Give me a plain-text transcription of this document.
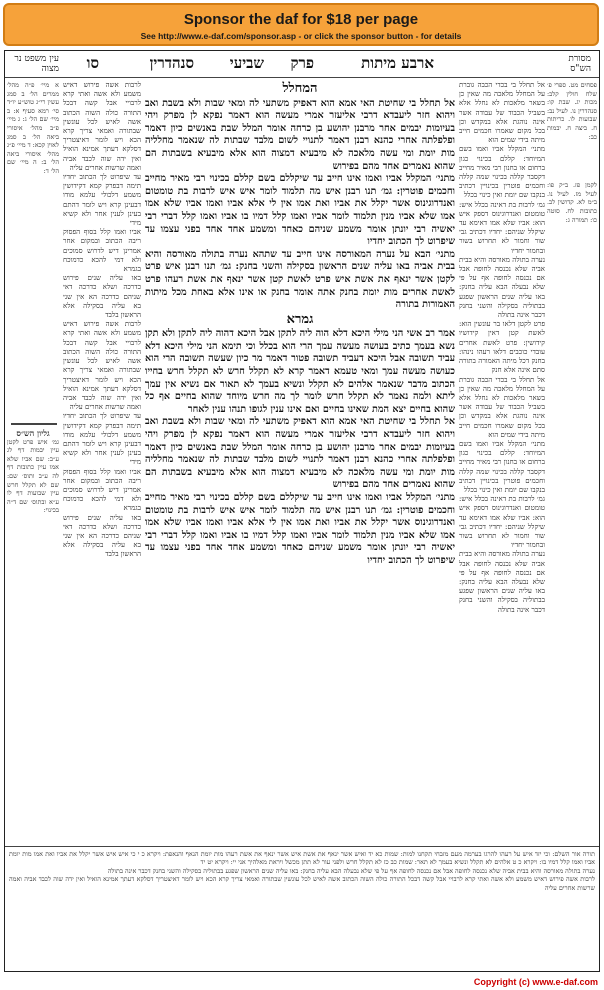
Sponsor the daf for $18 per page
See http://www.e-daf.com/sponsor.asp - or click the sponsor button - for details
מסורת הש"ס
ארבע מיתות
פרק
שביעי
סנהדרין
סו
עין משפט נר מצוה

פסחים מט. ספרי פ׳ שלח חולין קלב: מכות יג. שבת קו: סנהדרין נו. לעיל נב: שבועות לו. כריתות ח. ביצה ח. יבמות כב:

לקמן פז. ב״ק פו: לעיל מז. לעיל נו. ב״מ לא. קדושין לב. כתובות לח. סוטה כו: תמורה ג:

אל תחלל בי בכדי הכבה גוברת על המחלל מלאכה מה שאין כן בשאר מלאכות לא נחלל אלא בשביל הכבוד של עבודה אשר אינה נוהגת אלא במקדש וכן בכל מקום שאמרו חכמים חייב מיתה בידי שמים הוא

מתני׳ המקלל אביו ואמו בשם המיוחד: קללם בכינוי כגון ברחום או בחנון רבי מאיר מחייב דקסבר קללה בכינוי שמה קללה וחכמים פוטרין בכינויין דכתיב בנקבו שם יומת ואין כינוי בכלל

גמ׳ לרבות בת דאינה בכלל איש: טומטום ואנדרוגינוס דספק איש הוא: אביו שלא אמו דאימא עד שיקלל שניהם: יחדיו דכתיב גבי שור וחמור לא תחרוש בשור ובחמור יחדיו

נערה בתולה מאורסה והיא בבית אביה שלא נכנסה לחופה אבל אם נכנסה לחופה אף על פי שלא נבעלה הבא עליה בחנק: באו עליה שנים הראשון שפגע בבתוליה בסקילה והשני בחנק דכבר אינה בתולה

פרט לקטן דלאו בר עונשין הוא: לאשת קטן דאין קידושיו קידושין: פרט לאשת אחרים עובדי כוכבים דלאו רעהו נינהו: בחנק דכל מיתה האמורה בתורה סתם אינה אלא חנק

אל תחלל בי בכדי הכבה גוברת על המחלל מלאכה מה שאין כן בשאר מלאכות לא נחלל אלא בשביל הכבוד של עבודה אשר אינה נוהגת אלא במקדש וכן בכל מקום שאמרו חכמים חייב מיתה בידי שמים הוא

מתני׳ המקלל אביו ואמו בשם המיוחד: קללם בכינוי כגון ברחום או בחנון רבי מאיר מחייב דקסבר קללה בכינוי שמה קללה וחכמים פוטרין בכינויין דכתיב בנקבו שם יומת ואין כינוי בכלל

גמ׳ לרבות בת דאינה בכלל איש: טומטום ואנדרוגינוס דספק איש הוא: אביו שלא אמו דאימא עד שיקלל שניהם: יחדיו דכתיב גבי שור וחמור לא תחרוש בשור ובחמור יחדיו

נערה בתולה מאורסה והיא בבית אביה שלא נכנסה לחופה אבל אם נכנסה לחופה אף על פי שלא נבעלה הבא עליה בחנק: באו עליה שנים הראשון שפגע בבתוליה בסקילה והשני בחנק דכבר אינה בתולה

המחלל

אל תחלל בי שחיטת האי אמא הוא דאפיק משתעי לה ומאי שבות ולא בשבת ואב ויהוא חזר ליעבדא דרבי אליעזר אמרי מעשה הוא דאמר נפקא לן מפרק ויהי בעיומות יבמים אחר מרבנן יהושע בן כרחה אומר המלל שבת באנשים כיון דאמר ופלפלתה אחרי כהנא רבנן דאמר לתנויי לשום מלבד שבתות לה שנאמר מחלליה מות יומת ומי עשה מלאכה לא מיבעיא דמצוה הוא אלא מיבעיא בשבתות הם שהוא נאמרים אחד מהם בפירוש

מתני׳ המקלל אביו ואמו אינו חייב עד שיקללם בשם קללם בכינוי רבי מאיר מחייב וחכמים פוטרין: גמ׳ תנו רבנן איש מה תלמוד לומר איש איש לרבות בת טומטום ואנדרוגינוס אשר יקלל את אביו ואת אמו אין לי אלא אביו ואמו אביו שלא אמו אמו שלא אביו מנין תלמוד לומר אביו ואמו קלל דמיו בו אביו ואמו קלל דברי רבי יאשיה רבי יונתן אומר משמע שניהם כאחד ומשמע אחד אחד בפני עצמו עד שיפרוט לך הכתוב יחדיו

מתני׳ הבא על נערה המאורסה אינו חייב עד שתהא נערה בתולה מאורסה והיא בבית אביה באו עליה שנים הראשון בסקילה והשני בחנק: גמ׳ תנו רבנן איש פרט לקטן אשר ינאף את אשת איש פרט לאשת קטן אשר ינאף את אשת רעהו פרט לאשת אחרים מות יומת בחנק אתה אומר בחנק או אינו אלא באחת מכל מיתות האמורות בתורה

גמרא

אמר רב אשי הני מילי היכא דלא הוה ליה לתקן אבל היכא דהוה ליה לתקן ולא תקן נשא בעמך כתיב בעושה מעשה עמך הרי הוא בכלל וכי תימא הני מילי היכא דלא עביד תשובה אבל היכא דעביד תשובה פטור דאמר מר כיון שעשה תשובה הרי הוא כעושה מעשה עמך ומאי טעמא דאמר קרא לא תקלל חרש לא תקלל חרש בחייו הכתוב מדבר שנאמר אלהים לא תקלל ונשיא בעמך לא תאור אם נשיא אין עמך ליתא ולמה נאמר לא תקלל חרש לומר לך מה חרש מיוחד שהוא בחיים אף כל שהוא בחיים יצא המת שאינו בחיים ואם אינו ענין לגופו תנהו ענין לאחר

אל תחלל בי שחיטת האי אמא הוא דאפיק משתעי לה ומאי שבות ולא בשבת ואב ויהוא חזר ליעבדא דרבי אליעזר אמרי מעשה הוא דאמר נפקא לן מפרק ויהי בעיומות יבמים אחר מרבנן יהושע בן כרחה אומר המלל שבת באנשים כיון דאמר ופלפלתה אחרי כהנא רבנן דאמר לתנויי לשום מלבד שבתות לה שנאמר מחלליה מות יומת ומי עשה מלאכה לא מיבעיא דמצוה הוא אלא מיבעיא בשבתות הם שהוא נאמרים אחד מהם בפירוש

מתני׳ המקלל אביו ואמו אינו חייב עד שיקללם בשם קללם בכינוי רבי מאיר מחייב וחכמים פוטרין: גמ׳ תנו רבנן איש מה תלמוד לומר איש איש לרבות בת טומטום ואנדרוגינוס אשר יקלל את אביו ואת אמו אין לי אלא אביו ואמו אביו שלא אמו אמו שלא אביו מנין תלמוד לומר אביו ואמו קלל דמיו בו אביו ואמו קלל דברי רבי יאשיה רבי יונתן אומר משמע שניהם כאחד ומשמע אחד אחד בפני עצמו עד שיפרוט לך הכתוב יחדיו

לרבות אשה פירוש דאיש משמע ולא אשה ואתי קרא לרבויי אבל קשה דבכל התורה כולה השוה הכתוב אשה לאיש לכל עונשין שבתורה ואמאי צריך קרא הכא ויש לומר דאיצטריך דסלקא דעתך אמינא הואיל ואין ידה שוה לכבד אביה ואמה שרשות אחרים עליה

עד שיפרוט לך הכתוב יחדיו תימה דבפרק קמא דקידושין משמע דלכולי עלמא מודו דבעינן קרא ויש לומר דהתם בעינן לענין אחר ולא קשיא מידי

אביו ואמו קלל בסוף הפסוק ריבה הכתוב ובמקום אחר אמרינן דיש לדרוש סמוכים ולא דמי להכא כדמוכח בגמרא

באו עליה שנים פירוש כדרכה ושלא כדרכה דאי שניהם כדרכה הא אין שני בא עליה בסקילה אלא הראשון בלבד

לרבות אשה פירוש דאיש משמע ולא אשה ואתי קרא לרבויי אבל קשה דבכל התורה כולה השוה הכתוב אשה לאיש לכל עונשין שבתורה ואמאי צריך קרא הכא ויש לומר דאיצטריך דסלקא דעתך אמינא הואיל ואין ידה שוה לכבד אביה ואמה שרשות אחרים עליה

עד שיפרוט לך הכתוב יחדיו תימה דבפרק קמא דקידושין משמע דלכולי עלמא מודו דבעינן קרא ויש לומר דהתם בעינן לענין אחר ולא קשיא מידי

אביו ואמו קלל בסוף הפסוק ריבה הכתוב ובמקום אחר אמרינן דיש לדרוש סמוכים ולא דמי להכא כדמוכח בגמרא

באו עליה שנים פירוש כדרכה ושלא כדרכה דאי שניהם כדרכה הא אין שני בא עליה בסקילה אלא הראשון בלבד

א מיי׳ פ״ה מהל׳ ממרים הל׳ ב סמג עשין רי״ג טוש״ע יו״ד סי׳ רמא סעיף א: ב מיי׳ שם הל׳ ג: ג מיי׳ פ״ב מהל׳ איסורי ביאה הל׳ ב סמג לאוין קכא: ד מיי׳ פ״ג מהל׳ איסורי ביאה הל׳ ב: ה מיי׳ שם הל׳ ד:

גליון הש״ס

גמ׳ איש פרט לקטן עיין יבמות דף לג ע״ב: שם אביו שלא אמו עיין כתובות דף לה ע״ב ותוס׳ שם: שם לא תקלל חרש עיין שבועות דף לו ע״א ובתוס׳ שם ד״ה בכינוי:

תורה אור השלם: וכי יזד איש על רעהו להרגו בערמה מעם מזבחי תקחנו למות: שמות כא יד ואיש אשר ינאף את אשת איש אשר ינאף את אשת רעהו מות יומת הנאף והנאפת: ויקרא כ י כי איש איש אשר יקלל את אביו ואת אמו מות יומת אביו ואמו קלל דמיו בו: ויקרא כ ט אלהים לא תקלל ונשיא בעמך לא תאר: שמות כב כז לא תקלל חרש ולפני עור לא תתן מכשל ויראת מאלהיך אני יי: ויקרא יט יד

נערה בתולה מאורסה והיא בבית אביה שלא נכנסה לחופה אבל אם נכנסה לחופה אף על פי שלא נבעלה הבא עליה בחנק: באו עליה שנים הראשון שפגע בבתוליה בסקילה והשני בחנק דכבר אינה בתולה

לרבות אשה פירוש דאיש משמע ולא אשה ואתי קרא לרבויי אבל קשה דבכל התורה כולה השוה הכתוב אשה לאיש לכל עונשין שבתורה ואמאי צריך קרא הכא ויש לומר דאיצטריך דסלקא דעתך אמינא הואיל ואין ידה שוה לכבד אביה ואמה שרשות אחרים עליה

Copyright (c) www.e-daf.com
